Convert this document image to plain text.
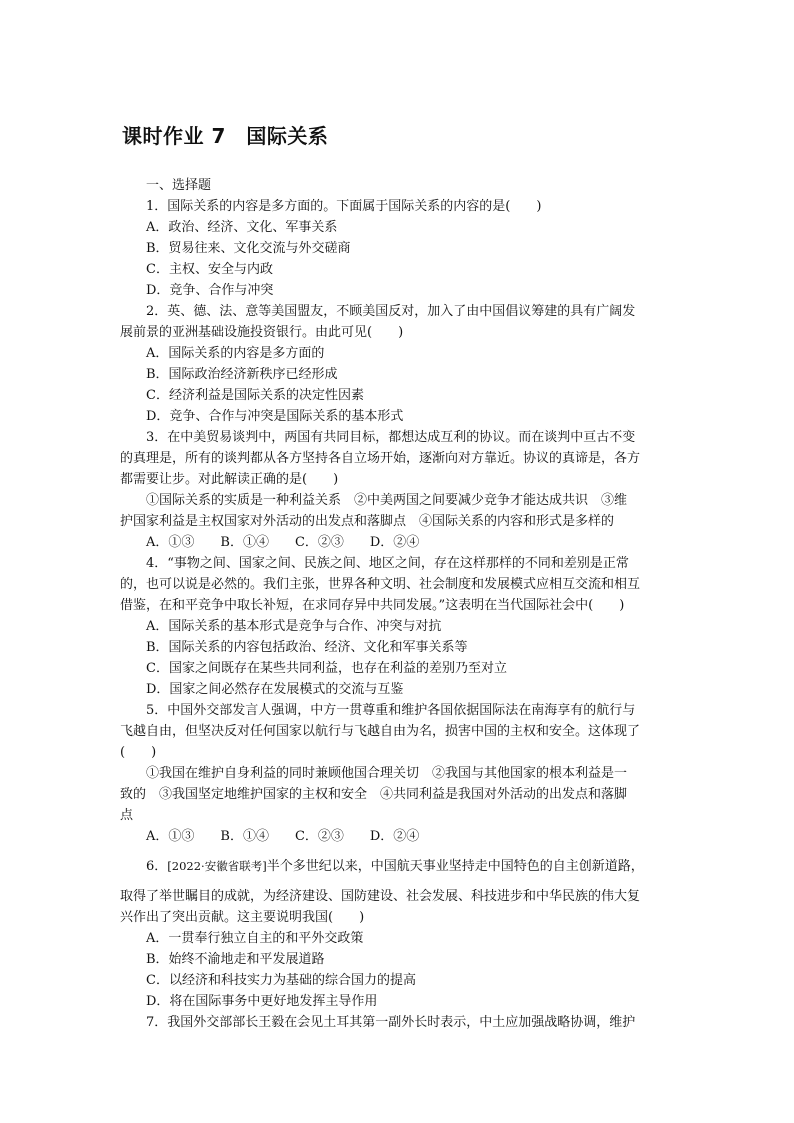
课时作业 7　国际关系
一、选择题
1．国际关系的内容是多方面的。下面属于国际关系的内容的是(　　)
A．政治、经济、文化、军事关系
B．贸易往来、文化交流与外交磋商
C．主权、安全与内政
D．竞争、合作与冲突
2．英、德、法、意等美国盟友，不顾美国反对，加入了由中国倡议筹建的具有广阔发
展前景的亚洲基础设施投资银行。由此可见(　　)
A．国际关系的内容是多方面的
B．国际政治经济新秩序已经形成
C．经济利益是国际关系的决定性因素
D．竞争、合作与冲突是国际关系的基本形式
3．在中美贸易谈判中，两国有共同目标，都想达成互利的协议。而在谈判中亘古不变
的真理是，所有的谈判都从各方坚持各自立场开始，逐渐向对方靠近。协议的真谛是，各方
都需要让步。对此解读正确的是(　　)
①国际关系的实质是一种利益关系　②中美两国之间要减少竞争才能达成共识　③维
护国家利益是主权国家对外活动的出发点和落脚点　④国际关系的内容和形式是多样的
A．①③　　B．①④　　C．②③　　D．②④
4．“事物之间、国家之间、民族之间、地区之间，存在这样那样的不同和差别是正常
的，也可以说是必然的。我们主张，世界各种文明、社会制度和发展模式应相互交流和相互
借鉴，在和平竞争中取长补短，在求同存异中共同发展。”这表明在当代国际社会中(　　)
A．国际关系的基本形式是竞争与合作、冲突与对抗
B．国际关系的内容包括政治、经济、文化和军事关系等
C．国家之间既存在某些共同利益，也存在利益的差别乃至对立
D．国家之间必然存在发展模式的交流与互鉴
5．中国外交部发言人强调，中方一贯尊重和维护各国依据国际法在南海享有的航行与
飞越自由，但坚决反对任何国家以航行与飞越自由为名，损害中国的主权和安全。这体现了
(　　)
①我国在维护自身利益的同时兼顾他国合理关切　②我国与其他国家的根本利益是一
致的　③我国坚定地维护国家的主权和安全　④共同利益是我国对外活动的出发点和落脚
点
A．①③　　B．①④　　C．②③　　D．②④
6．[2022·安徽省联考]半个多世纪以来，中国航天事业坚持走中国特色的自主创新道路，
取得了举世瞩目的成就，为经济建设、国防建设、社会发展、科技进步和中华民族的伟大复
兴作出了突出贡献。这主要说明我国(　　)
A．一贯奉行独立自主的和平外交政策
B．始终不渝地走和平发展道路
C．以经济和科技实力为基础的综合国力的提高
D．将在国际事务中更好地发挥主导作用
7．我国外交部部长王毅在会见土耳其第一副外长时表示，中土应加强战略协调，维护
